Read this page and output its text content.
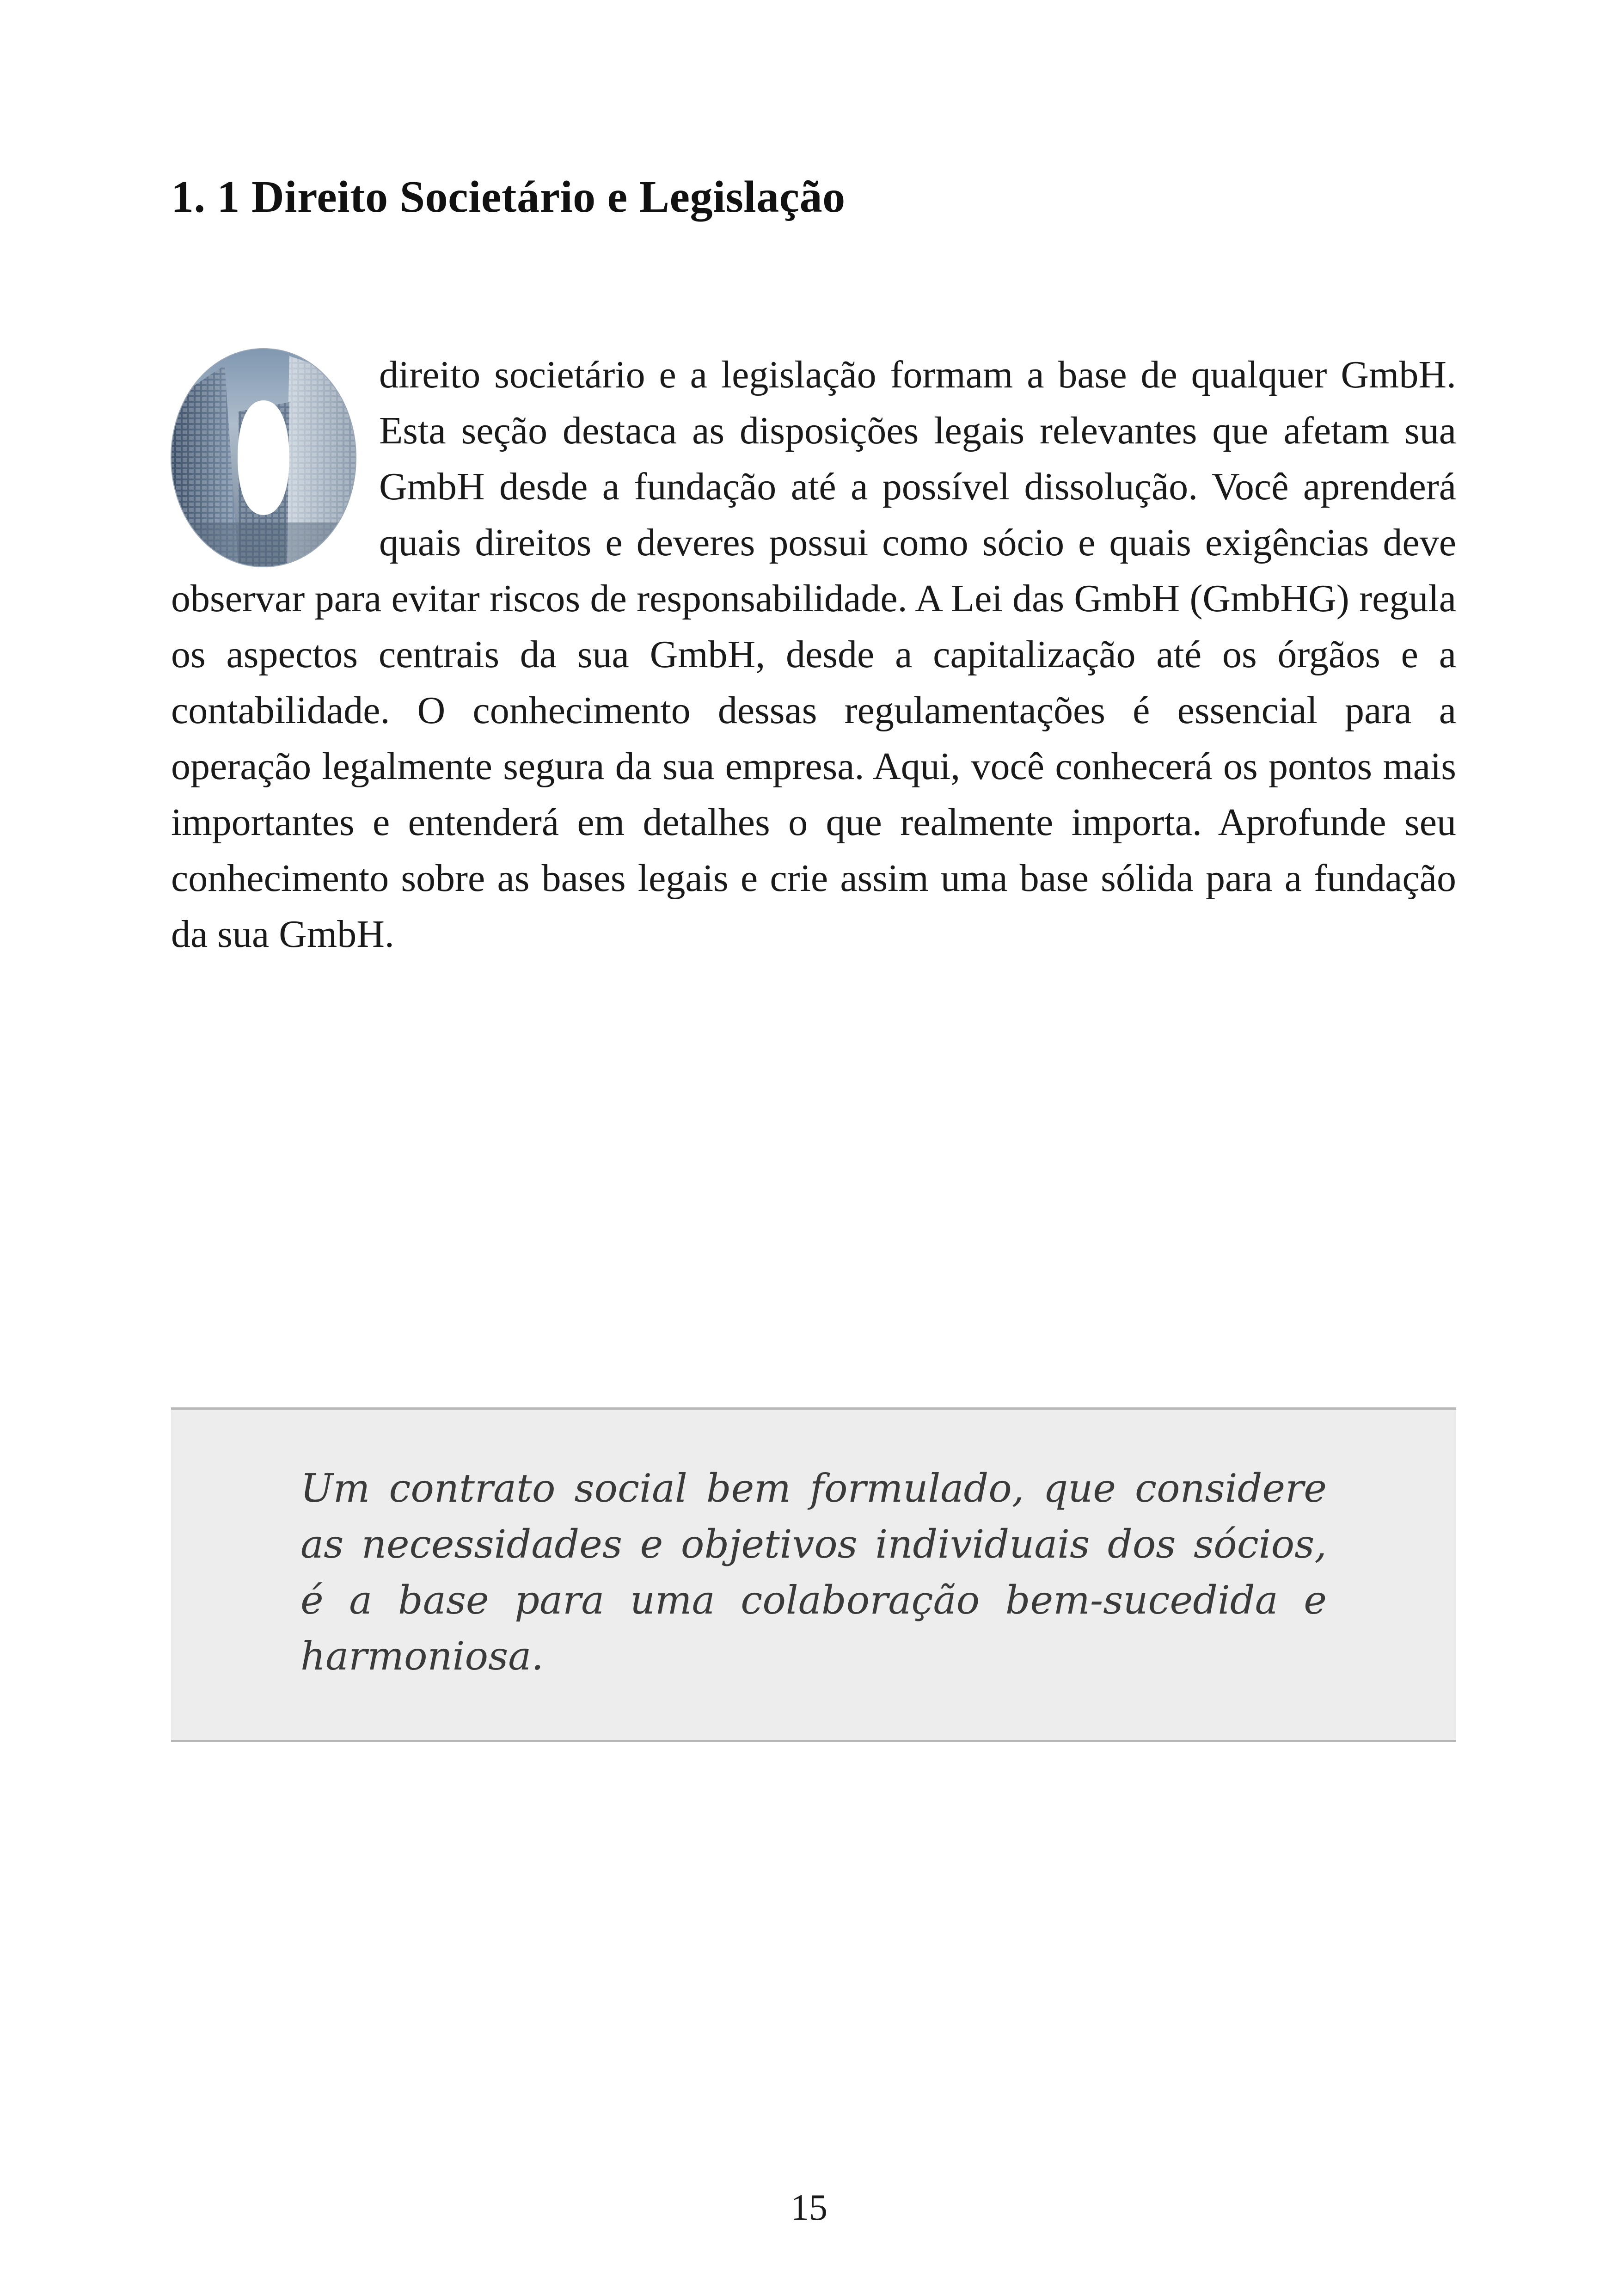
1. 1 Direito Societário e Legislação
direito societário e a legislação formam a base de qualquer GmbH. Esta seção destaca as disposições legais relevantes que afetam sua GmbH desde a fundação até a possível dissolução. Você aprenderá quais direitos e deveres possui como sócio e quais exigências deve observar para evitar riscos de responsabilidade. A Lei das GmbH (GmbHG) regula os aspectos centrais da sua GmbH, desde a capitalização até os órgãos e a contabilidade. O conhecimento dessas regulamentações é essencial para a operação legalmente segura da sua empresa. Aqui, você conhecerá os pontos mais importantes e entenderá em detalhes o que realmente importa. Aprofunde seu conhecimento sobre as bases legais e crie assim uma base sólida para a fundação da sua GmbH.

Um contrato social bem formulado, que considere as necessidades e objetivos individuais dos sócios, é a base para uma colaboração bem-sucedida e harmoniosa.

15
